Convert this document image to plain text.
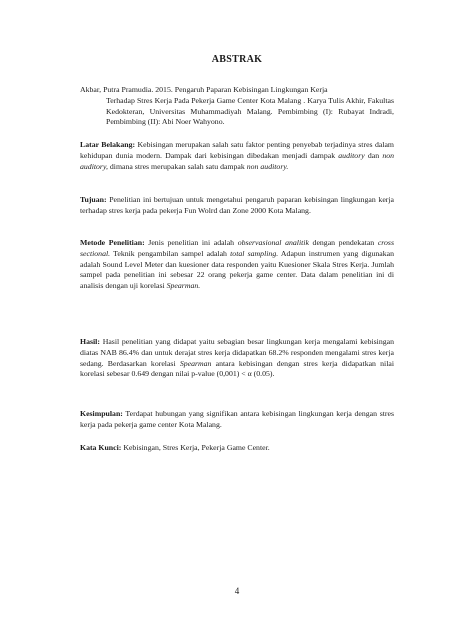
ABSTRAK
Akbar, Putra Pramudia. 2015. Pengaruh Paparan Kebisingan Lingkungan Kerja
Terhadap Stres Kerja Pada Pekerja Game Center Kota Malang . Karya Tulis Akhir, Fakultas Kedokteran, Universitas Muhammadiyah Malang. Pembimbing (I): Rubayat Indradi, Pembimbing (II): Abi Noer Wahyono.
Latar Belakang: Kebisingan merupakan salah satu faktor penting penyebab terjadinya stres dalam kehidupan dunia modern. Dampak dari kebisingan dibedakan menjadi dampak auditory dan non auditory, dimana stres merupakan salah satu dampak non auditory.
Tujuan: Penelitian ini bertujuan untuk mengetahui pengaruh paparan kebisingan lingkungan kerja terhadap stres kerja pada pekerja Fun Wolrd dan Zone 2000 Kota Malang.
Metode Penelitian: Jenis penelitian ini adalah observasional analitik dengan pendekatan cross sectional. Teknik pengambilan sampel adalah total sampling. Adapun instrumen yang digunakan adalah Sound Level Meter dan kuesioner data responden yaitu Kuesioner Skala Stres Kerja. Jumlah sampel pada penelitian ini sebesar 22 orang pekerja game center. Data dalam penelitian ini di analisis dengan uji korelasi Spearman.
Hasil: Hasil penelitian yang didapat yaitu sebagian besar lingkungan kerja mengalami kebisingan diatas NAB 86.4% dan untuk derajat stres kerja didapatkan 68.2% responden mengalami stres kerja sedang. Berdasarkan korelasi Spearman antara kebisingan dengan stres kerja didapatkan nilai korelasi sebesar 0.649 dengan nilai p-value (0,001) < α (0.05).
Kesimpulan: Terdapat hubungan yang signifikan antara kebisingan lingkungan kerja dengan stres kerja pada pekerja game center Kota Malang.
Kata Kunci: Kebisingan, Stres Kerja, Pekerja Game Center.
4
